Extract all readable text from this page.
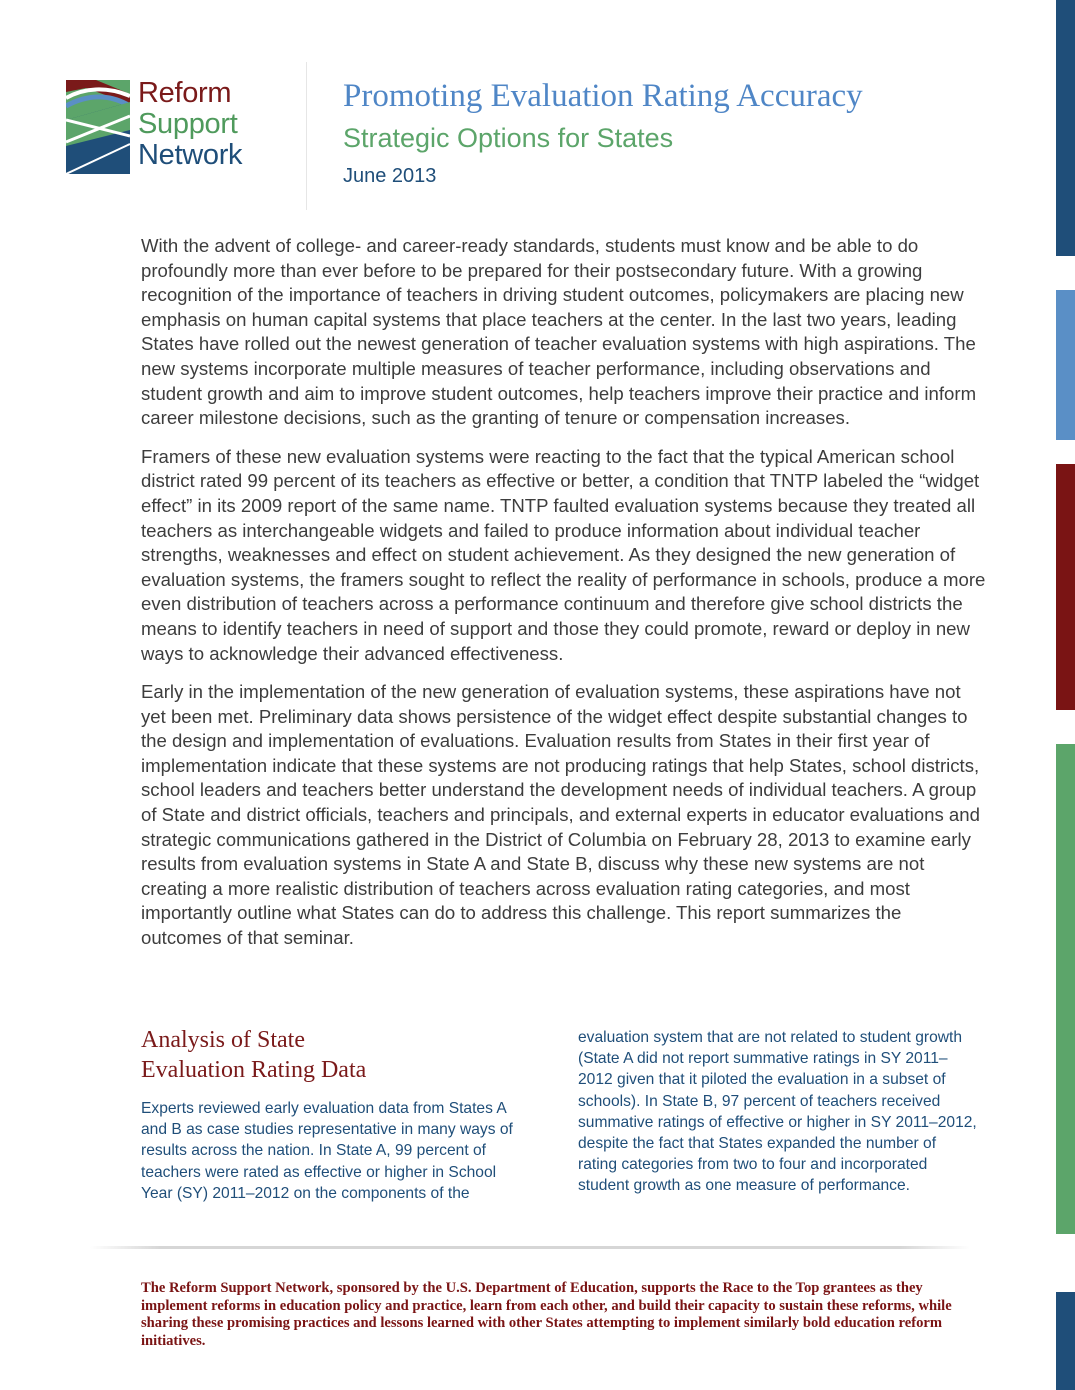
Reform
Support
Network
Promoting Evaluation Rating Accuracy
Strategic Options for States
June 2013

With the advent of college- and career-ready standards, students must know and be able to do profoundly more than ever before to be prepared for their postsecondary future. With a growing recognition of the importance of teachers in driving student outcomes, policymakers are placing new emphasis on human capital systems that place teachers at the center. In the last two years, leading States have rolled out the newest generation of teacher evaluation systems with high aspirations. The new systems incorporate multiple measures of teacher performance, including observations and student growth and aim to improve student outcomes, help teachers improve their practice and inform career milestone decisions, such as the granting of tenure or compensation increases.

Framers of these new evaluation systems were reacting to the fact that the typical American school district rated 99 percent of its teachers as effective or better, a condition that TNTP labeled the “widget effect” in its 2009 report of the same name. TNTP faulted evaluation systems because they treated all teachers as interchangeable widgets and failed to produce information about individual teacher strengths, weaknesses and effect on student achievement. As they designed the new generation of evaluation systems, the framers sought to reflect the reality of performance in schools, produce a more even distribution of teachers across a performance continuum and therefore give school districts the means to identify teachers in need of support and those they could promote, reward or deploy in new ways to acknowledge their advanced effectiveness.

Early in the implementation of the new generation of evaluation systems, these aspirations have not yet been met. Preliminary data shows persistence of the widget effect despite substantial changes to the design and implementation of evaluations. Evaluation results from States in their first year of implementation indicate that these systems are not producing ratings that help States, school districts, school leaders and teachers better understand the development needs of individual teachers. A group of State and district officials, teachers and principals, and external experts in educator evaluations and strategic communications gathered in the District of Columbia on February 28, 2013 to examine early results from evaluation systems in State A and State B, discuss why these new systems are not creating a more realistic distribution of teachers across evaluation rating categories, and most importantly outline what States can do to address this challenge. This report summarizes the outcomes of that seminar.

Analysis of State
Evaluation Rating Data

Experts reviewed early evaluation data from States A and B as case studies representative in many ways of results across the nation. In State A, 99 percent of teachers were rated as effective or higher in School Year (SY) 2011–2012 on the components of the

evaluation system that are not related to student growth (State A did not report summative ratings in SY 2011–2012 given that it piloted the evaluation in a subset of schools). In State B, 97 percent of teachers received summative ratings of effective or higher in SY 2011–2012, despite the fact that States expanded the number of rating categories from two to four and incorporated student growth as one measure of performance.

The Reform Support Network, sponsored by the U.S. Department of Education, supports the Race to the Top grantees as they implement reforms in education policy and practice, learn from each other, and build their capacity to sustain these reforms, while sharing these promising practices and lessons learned with other States attempting to implement similarly bold education reform initiatives.
